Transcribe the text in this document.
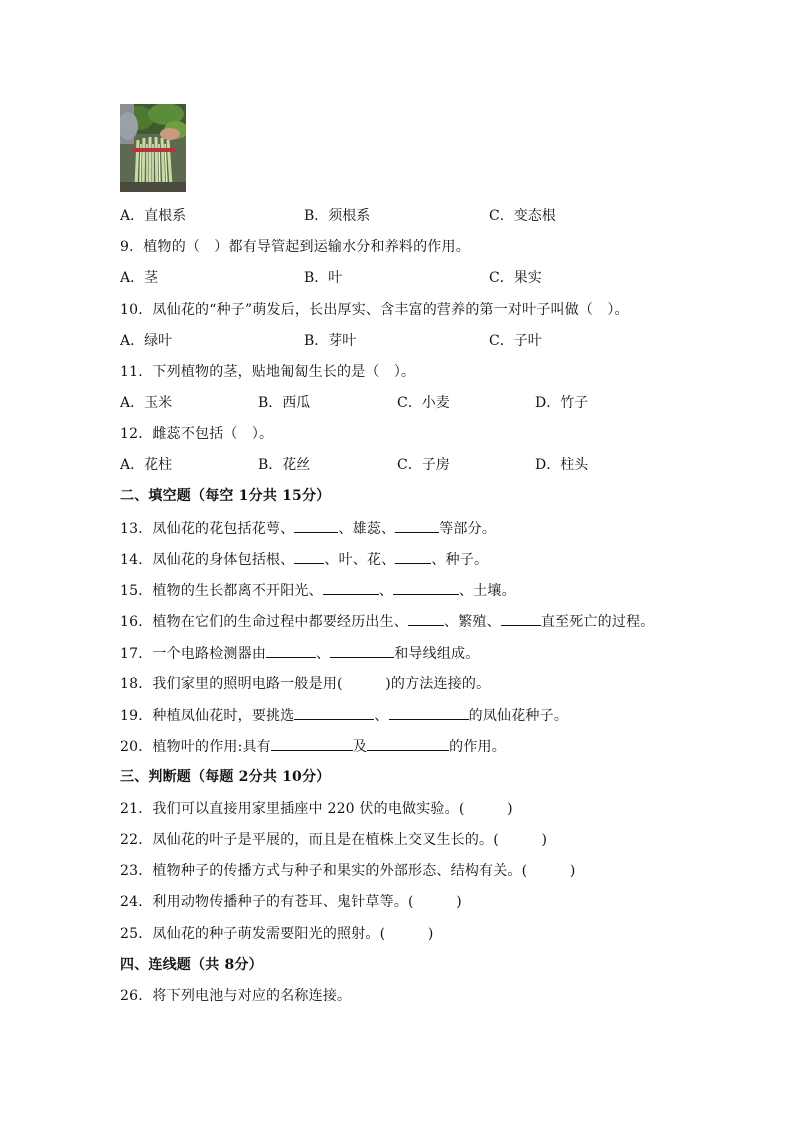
A．直根系	B．须根系	C．变态根
9．植物的（　）都有导管起到运输水分和养料的作用。
A．茎	B．叶	C．果实
10．凤仙花的“种子”萌发后，长出厚实、含丰富的营养的第一对叶子叫做（　）。
A．绿叶	B．芽叶	C．子叶
11．下列植物的茎，贴地匍匐生长的是（　）。
A．玉米	B．西瓜	C．小麦	D．竹子
12．雌蕊不包括（　）。
A．花柱	B．花丝	C．子房	D．柱头
二、填空题（每空 1分共 15分）
13．凤仙花的花包括花萼、	、雄蕊、	等部分。
14．凤仙花的身体包括根、 、叶、花、	、种子。
15．植物的生长都离不开阳光、	、	、土壤。
16．植物在它们的生命过程中都要经历出生、	、繁殖、	直至死亡的过程。
17．一个电路检测器由	、	和导线组成。
18．我们家里的照明电路一般是用(　　　)的方法连接的。
19．种植凤仙花时，要挑选	、	的凤仙花种子。
20．植物叶的作用:具有	及	的作用。
三、判断题（每题 2分共 10分）
21．我们可以直接用家里插座中 220 伏的电做实验。(　　　)
22．凤仙花的叶子是平展的，而且是在植株上交叉生长的。(　　　)
23．植物种子的传播方式与种子和果实的外部形态、结构有关。(　　　)
24．利用动物传播种子的有苍耳、鬼针草等。(　　　)
25．凤仙花的种子萌发需要阳光的照射。(　　　)
四、连线题（共 8分）
26．将下列电池与对应的名称连接。
